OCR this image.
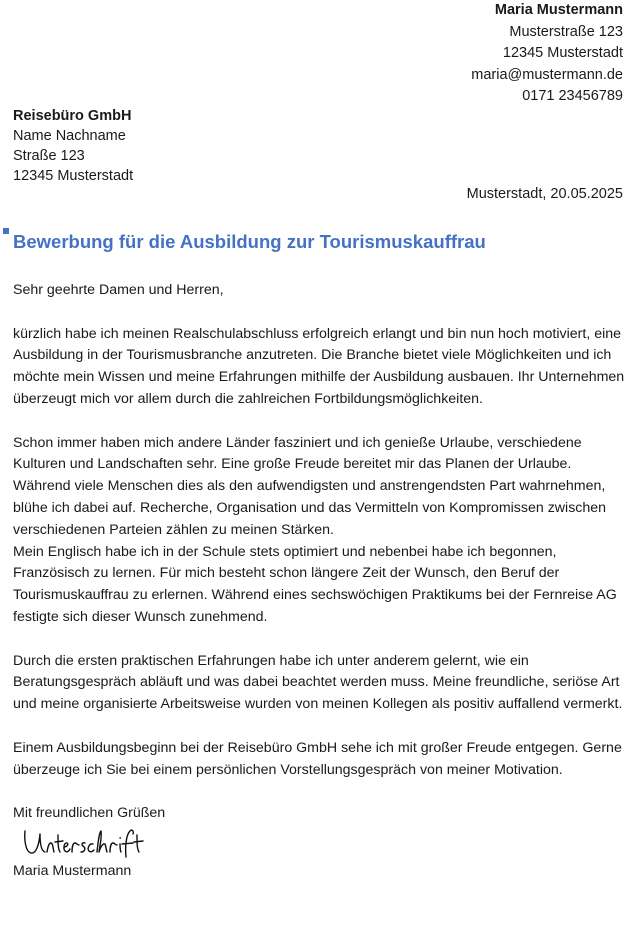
Maria Mustermann
Musterstraße 123
12345 Musterstadt
maria@mustermann.de
0171 23456789
Reisebüro GmbH
Name Nachname
Straße 123
12345 Musterstadt
Musterstadt, 20.05.2025
Bewerbung für die Ausbildung zur Tourismuskauffrau

Sehr geehrte Damen und Herren,

kürzlich habe ich meinen Realschulabschluss erfolgreich erlangt und bin nun hoch motiviert, eine Ausbildung in der Tourismusbranche anzutreten. Die Branche bietet viele Möglichkeiten und ich möchte mein Wissen und meine Erfahrungen mithilfe der Ausbildung ausbauen. Ihr Unternehmen überzeugt mich vor allem durch die zahlreichen Fortbildungsmöglichkeiten.

Schon immer haben mich andere Länder fasziniert und ich genieße Urlaube, verschiedene Kulturen und Landschaften sehr. Eine große Freude bereitet mir das Planen der Urlaube. Während viele Menschen dies als den aufwendigsten und anstrengendsten Part wahrnehmen, blühe ich dabei auf. Recherche, Organisation und das Vermitteln von Kompromissen zwischen verschiedenen Parteien zählen zu meinen Stärken.

Mein Englisch habe ich in der Schule stets optimiert und nebenbei habe ich begonnen, Französisch zu lernen. Für mich besteht schon längere Zeit der Wunsch, den Beruf der Tourismuskauffrau zu erlernen. Während eines sechswöchigen Praktikums bei der Fernreise AG festigte sich dieser Wunsch zunehmend.

Durch die ersten praktischen Erfahrungen habe ich unter anderem gelernt, wie ein Beratungsgespräch abläuft und was dabei beachtet werden muss. Meine freundliche, seriöse Art und meine organisierte Arbeitsweise wurden von meinen Kollegen als positiv auffallend vermerkt.

Einem Ausbildungsbeginn bei der Reisebüro GmbH sehe ich mit großer Freude entgegen. Gerne überzeuge ich Sie bei einem persönlichen Vorstellungsgespräch von meiner Motivation.

Mit freundlichen Grüßen

Maria Mustermann
